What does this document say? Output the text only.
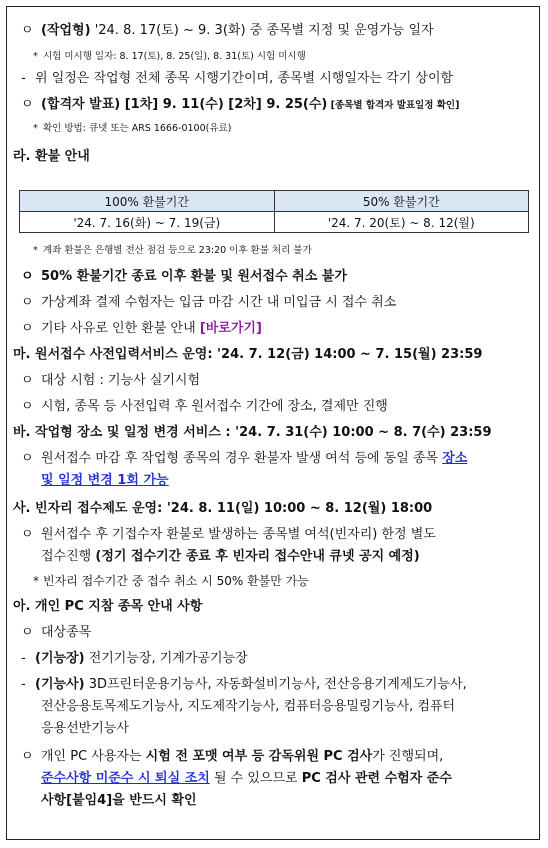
ㅇ (작업형) '24. 8. 17(토) ~ 9. 3(화) 중 종목별 지정 및 운영가능 일자
* 시험 미시행 일자: 8. 17(토), 8. 25(일), 8. 31(토) 시험 미시행
- 위 일정은 작업형 전체 종목 시행기간이며, 종목별 시행일자는 각기 상이함
ㅇ (합격자 발표) [1차] 9. 11(수) [2차] 9. 25(수) [종목별 합격자 발표일정 확인]
* 확인 방법: 큐넷 또는 ARS 1666-0100(유료)
라. 환불 안내
100% 환불기간	50% 환불기간
'24. 7. 16(화) ~ 7. 19(금)	'24. 7. 20(토) ~ 8. 12(월)
* 계좌 환불은 은행별 전산 점검 등으로 23:20 이후 환불 처리 불가
ㅇ 50% 환불기간 종료 이후 환불 및 원서접수 취소 불가
ㅇ 가상계좌 결제 수험자는 입금 마감 시간 내 미입금 시 접수 취소
ㅇ 기타 사유로 인한 환불 안내 [바로가기]
마. 원서접수 사전입력서비스 운영: '24. 7. 12(금) 14:00 ~ 7. 15(월) 23:59
ㅇ 대상 시험 : 기능사 실기시험
ㅇ 시험, 종목 등 사전입력 후 원서접수 기간에 장소, 결제만 진행
바. 작업형 장소 및 일정 변경 서비스 : '24. 7. 31(수) 10:00 ~ 8. 7(수) 23:59
ㅇ 원서접수 마감 후 작업형 종목의 경우 환불자 발생 여석 등에 동일 종목 장소
및 일정 변경 1회 가능
사. 빈자리 접수제도 운영: '24. 8. 11(일) 10:00 ~ 8. 12(월) 18:00
ㅇ 원서접수 후 기접수자 환불로 발생하는 종목별 여석(빈자리) 한정 별도
접수진행 (정기 접수기간 종료 후 빈자리 접수안내 큐넷 공지 예정)
* 빈자리 접수기간 중 접수 취소 시 50% 환불만 가능
아. 개인 PC 지참 종목 안내 사항
ㅇ 대상종목
- (기능장) 전기기능장, 기계가공기능장
- (기능사) 3D프린터운용기능사, 자동화설비기능사, 전산응용기계제도기능사,
전산응용토목제도기능사, 지도제작기능사, 컴퓨터응용밀링기능사, 컴퓨터
응용선반기능사
ㅇ 개인 PC 사용자는 시험 전 포맷 여부 등 감독위원 PC 검사가 진행되며,
준수사항 미준수 시 퇴실 조치 될 수 있으므로 PC 검사 관련 수험자 준수
사항[붙임4]을 반드시 확인
